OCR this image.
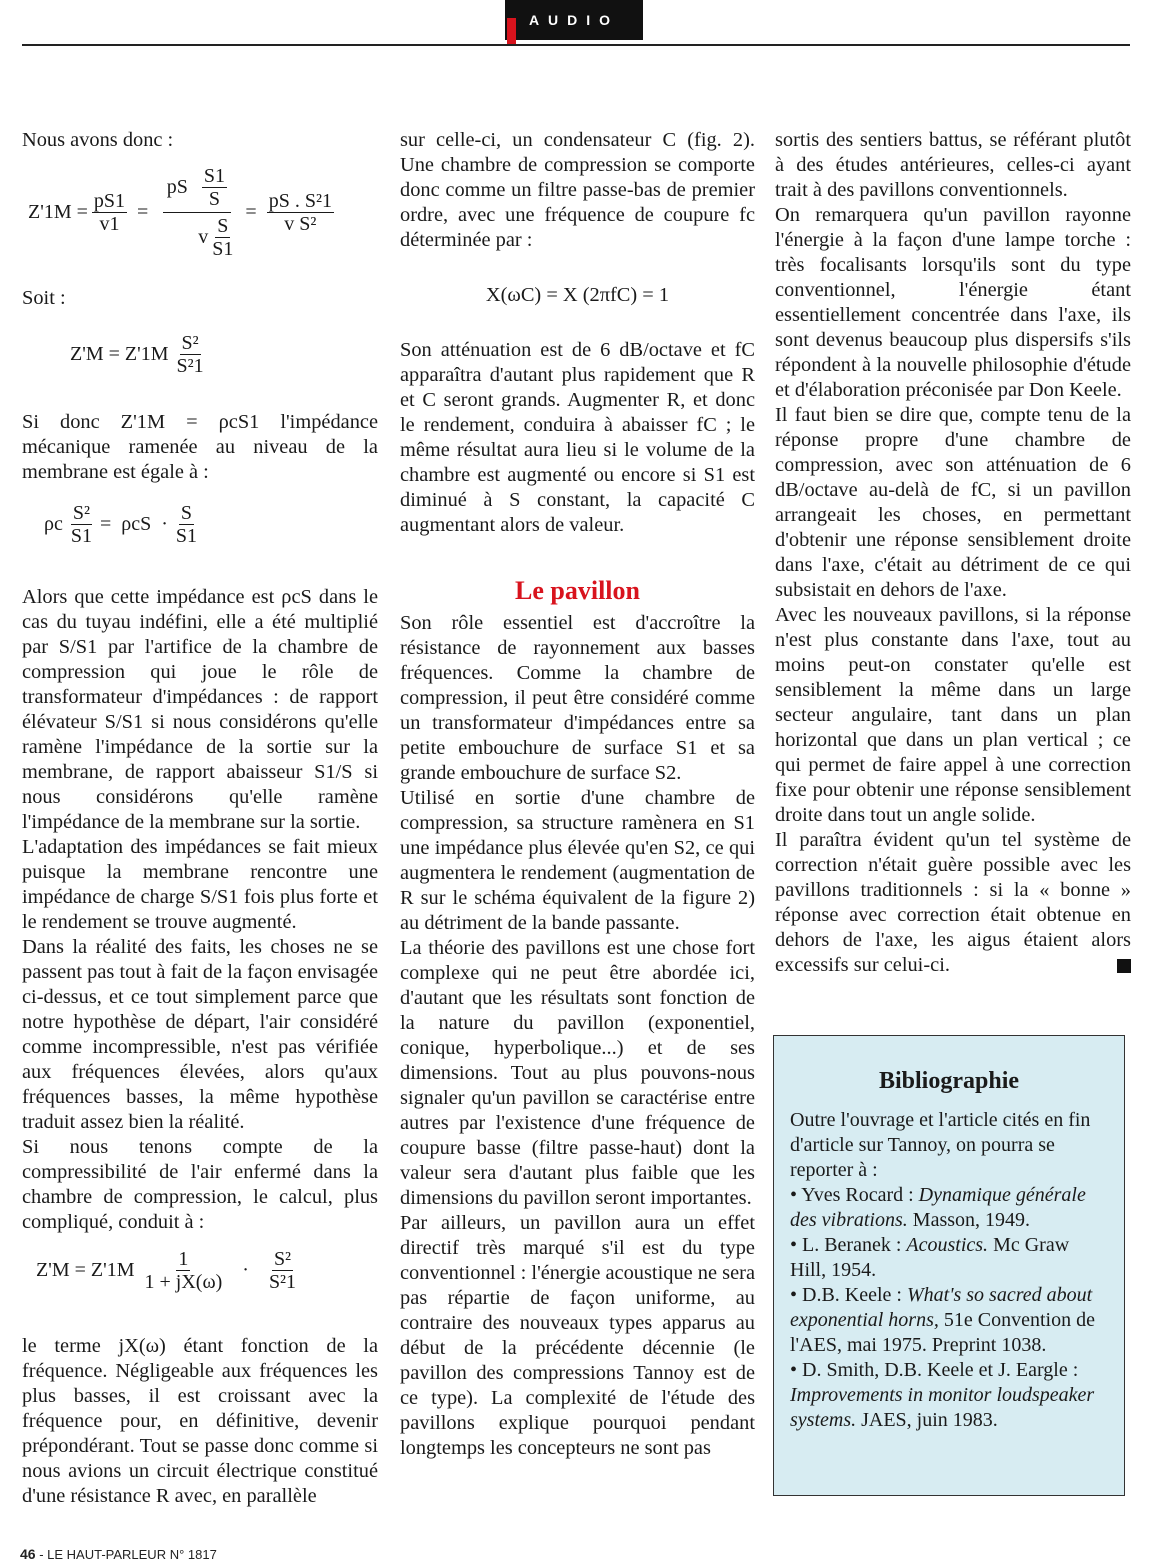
AUDIO

Nous avons donc :

$Z'1M = \frac{pS1}{v1}$ = pS S1
S
v S
$S1 = \frac{\text{pS . S²1}}{\text{v S²}}$
Soit :
Z'M = Z'1M S²
S²1

Si donc Z'1M = ρcS1 l'impédance mécanique ramenée au niveau de la membrane est égale à :

ρc $\frac{\text{S²}}{S1} = \rho cS \cdot S$
S1

Alors que cette impédance est ρcS dans le cas du tuyau indéfini, elle a été multiplié par S/S1 par l'artifice de la chambre de compression qui joue le rôle de transformateur d'impédances : de rapport élévateur S/S1 si nous considérons qu'elle ramène l'impédance de la sortie sur la membrane, de rapport abaisseur S1/S si nous considérons qu'elle ramène l'impédance de la membrane sur la sortie.

L'adaptation des impédances se fait mieux puisque la membrane rencontre une impédance de charge S/S1 fois plus forte et le rendement se trouve augmenté.

Dans la réalité des faits, les choses ne se passent pas tout à fait de la façon envisagée ci-dessus, et ce tout simplement parce que notre hypothèse de départ, l'air considéré comme incompressible, n'est pas vérifiée aux fréquences élevées, alors qu'aux fréquences basses, la même hypothèse traduit assez bien la réalité.

Si nous tenons compte de la compressibilité de l'air enfermé dans la chambre de compression, le calcul, plus compliqué, conduit à :

Z'M = Z'1M 1
1 + jX(ω)
· S²
S²1

le terme jX(ω) étant fonction de la fréquence. Négligeable aux fréquences les plus basses, il est croissant avec la fréquence pour, en définitive, devenir prépondérant. Tout se passe donc comme si nous avions un circuit électrique constitué d'une résistance R avec, en parallèle

sur celle-ci, un condensateur C (fig. 2). Une chambre de compression se comporte donc comme un filtre passe-bas de premier ordre, avec une fréquence de coupure fc déterminée par :

X(ωC) = X (2πfC) = 1

Son atténuation est de 6 dB/octave et fC apparaîtra d'autant plus rapidement que R et C seront grands. Augmenter R, et donc le rendement, conduira à abaisser fC ; le même résultat aura lieu si le volume de la chambre est augmenté ou encore si S1 est diminué à S constant, la capacité C augmentant alors de valeur.

Le pavillon

Son rôle essentiel est d'accroître la résistance de rayonnement aux basses fréquences. Comme la chambre de compression, il peut être considéré comme un transformateur d'impédances entre sa petite embouchure de surface S1 et sa grande embouchure de surface S2.

Utilisé en sortie d'une chambre de compression, sa structure ramènera en S1 une impédance plus élevée qu'en S2, ce qui augmentera le rendement (augmentation de R sur le schéma équivalent de la figure 2) au détriment de la bande passante.

La théorie des pavillons est une chose fort complexe qui ne peut être abordée ici, d'autant que les résultats sont fonction de la nature du pavillon (exponentiel, conique, hyperbolique...) et de ses dimensions. Tout au plus pouvons-nous signaler qu'un pavillon se caractérise entre autres par l'existence d'une fréquence de coupure basse (filtre passe-haut) dont la valeur sera d'autant plus faible que les dimensions du pavillon seront importantes.

Par ailleurs, un pavillon aura un effet directif très marqué s'il est du type conventionnel : l'énergie acoustique ne sera pas répartie de façon uniforme, au contraire des nouveaux types apparus au début de la précédente décennie (le pavillon des compressions Tannoy est de ce type). La complexité de l'étude des pavillons explique pourquoi pendant longtemps les concepteurs ne sont pas

sortis des sentiers battus, se référant plutôt à des études antérieures, celles-ci ayant trait à des pavillons conventionnels.

On remarquera qu'un pavillon rayonne l'énergie à la façon d'une lampe torche : très focalisants lorsqu'ils sont du type conventionnel, l'énergie étant essentiellement concentrée dans l'axe, ils sont devenus beaucoup plus dispersifs s'ils répondent à la nouvelle philosophie d'étude et d'élaboration préconisée par Don Keele.

Il faut bien se dire que, compte tenu de la réponse propre d'une chambre de compression, avec son atténuation de 6 dB/octave au-delà de fC, si un pavillon arrangeait les choses, en permettant d'obtenir une réponse sensiblement droite dans l'axe, c'était au détriment de ce qui subsistait en dehors de l'axe.

Avec les nouveaux pavillons, si la réponse n'est plus constante dans l'axe, tout au moins peut-on constater qu'elle est sensiblement la même dans un large secteur angulaire, tant dans un plan horizontal que dans un plan vertical ; ce qui permet de faire appel à une correction fixe pour obtenir une réponse sensiblement droite dans tout un angle solide.

Il paraîtra évident qu'un tel système de correction n'était guère possible avec les pavillons traditionnels : si la « bonne » réponse avec correction était obtenue en dehors de l'axe, les aigus étaient alors excessifs sur celui-ci.

Bibliographie

Outre l'ouvrage et l'article cités en fin d'article sur Tannoy, on pourra se reporter à :

• Yves Rocard : Dynamique générale des vibrations. Masson, 1949.

• L. Beranek : Acoustics. Mc Graw Hill, 1954.

• D.B. Keele : What's so sacred about exponential horns, 51e Convention de l'AES, mai 1975. Preprint 1038.

• D. Smith, D.B. Keele et J. Eargle : Improvements in monitor loudspeaker systems. JAES, juin 1983.

46 - LE HAUT-PARLEUR N° 1817
